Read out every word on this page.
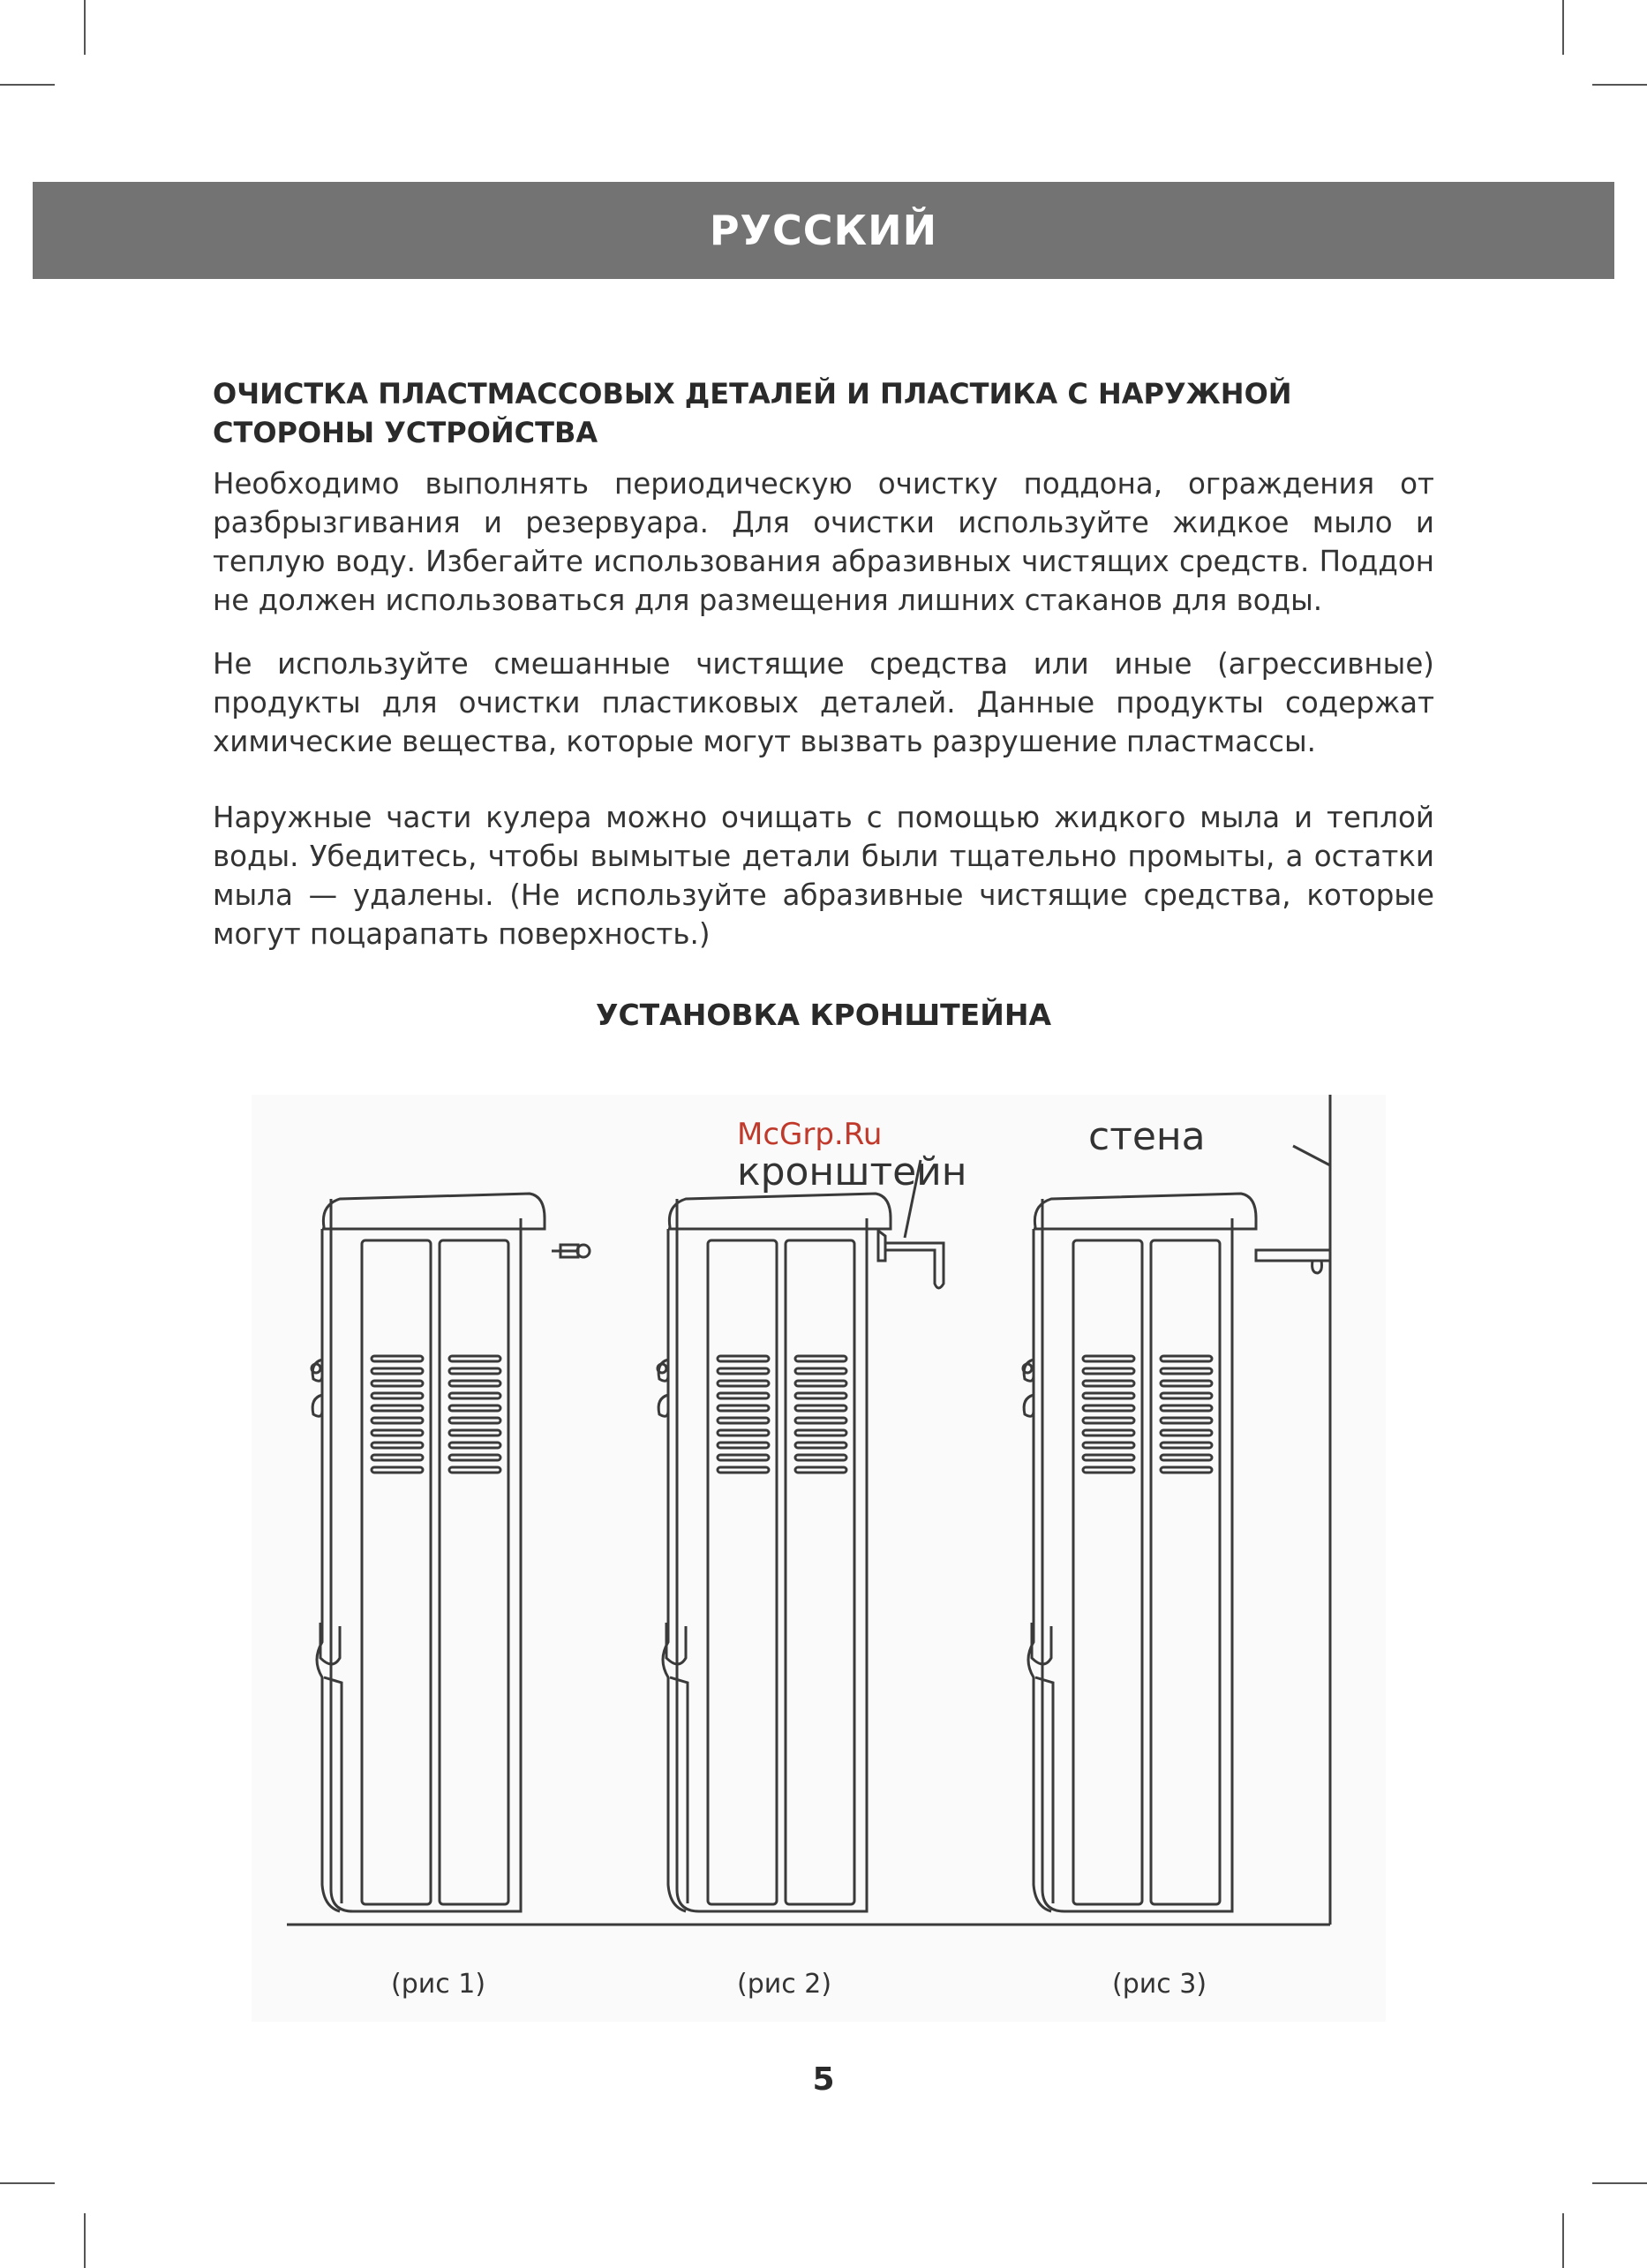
РУССКИЙ
ОЧИСТКА ПЛАСТМАССОВЫХ ДЕТАЛЕЙ И ПЛАСТИКА С НАРУЖНОЙ СТОРОНЫ УСТРОЙСТВА

Необходимо выполнять периодическую очистку поддона, ограждения от разбрызгивания и резервуара. Для очистки используйте жидкое мыло и теплую воду. Избегайте использования абразивных чистящих средств. Поддон не должен использоваться для размещения лишних стаканов для воды.

Не используйте смешанные чистящие средства или иные (агрессивные) продукты для очистки пластиковых деталей. Данные продукты содержат химические вещества, которые могут вызвать разрушение пластмассы.

Наружные части кулера можно очищать с помощью жидкого мыла и теплой воды. Убедитесь, чтобы вымытые детали были тщательно промыты, а остатки мыла — удалены. (Не используйте абразивные чистящие средства, которые могут поцарапать поверхность.)

УСТАНОВКА КРОНШТЕЙНА
McGrp.Ru
кронштейн
стена
(рис 1)	(рис 2)	(рис 3)
5
